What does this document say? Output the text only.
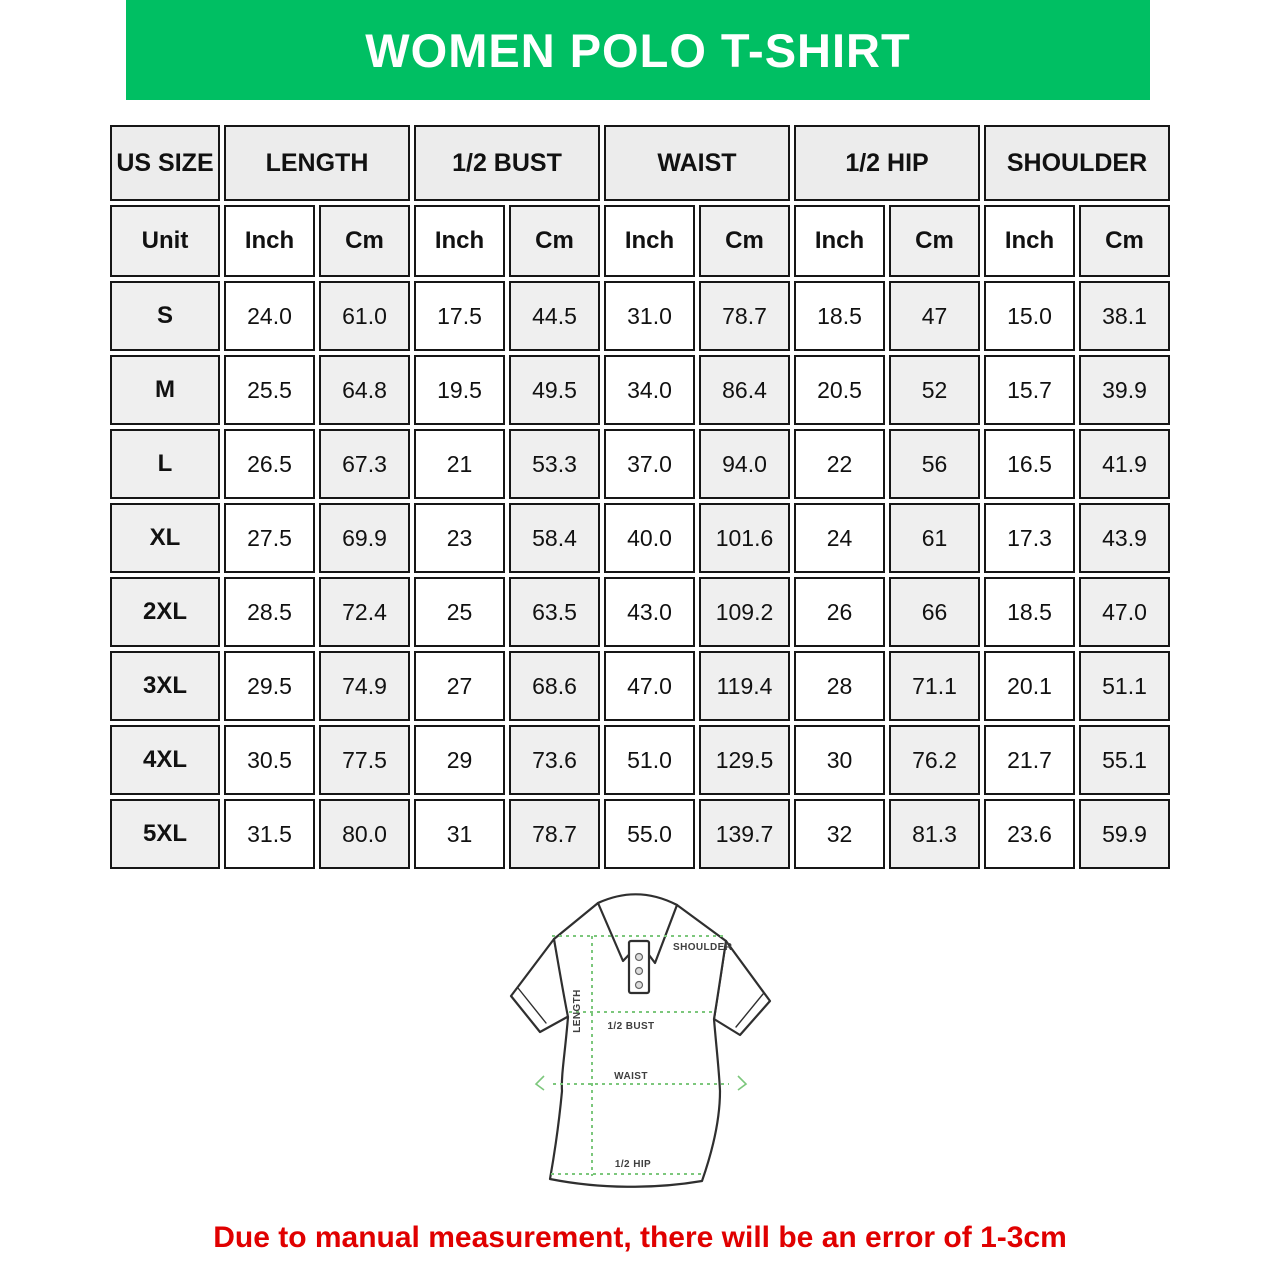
WOMEN POLO T-SHIRT
US SIZE	LENGTH		1/2 BUST		WAIST		1/2 HIP		SHOULDER	
Unit	Inch	Cm	Inch	Cm	Inch	Cm	Inch	Cm	Inch	Cm
S	24.0	61.0	17.5	44.5	31.0	78.7	18.5	47	15.0	38.1
M	25.5	64.8	19.5	49.5	34.0	86.4	20.5	52	15.7	39.9
L	26.5	67.3	21	53.3	37.0	94.0	22	56	16.5	41.9
XL	27.5	69.9	23	58.4	40.0	101.6	24	61	17.3	43.9
2XL	28.5	72.4	25	63.5	43.0	109.2	26	66	18.5	47.0
3XL	29.5	74.9	27	68.6	47.0	119.4	28	71.1	20.1	51.1
4XL	30.5	77.5	29	73.6	51.0	129.5	30	76.2	21.7	55.1
5XL	31.5	80.0	31	78.7	55.0	139.7	32	81.3	23.6	59.9
SHOULDER
LENGTH 1/2 BUST
WAIST
1/2 HIP

Due to manual measurement, there will be an error of 1-3cm
